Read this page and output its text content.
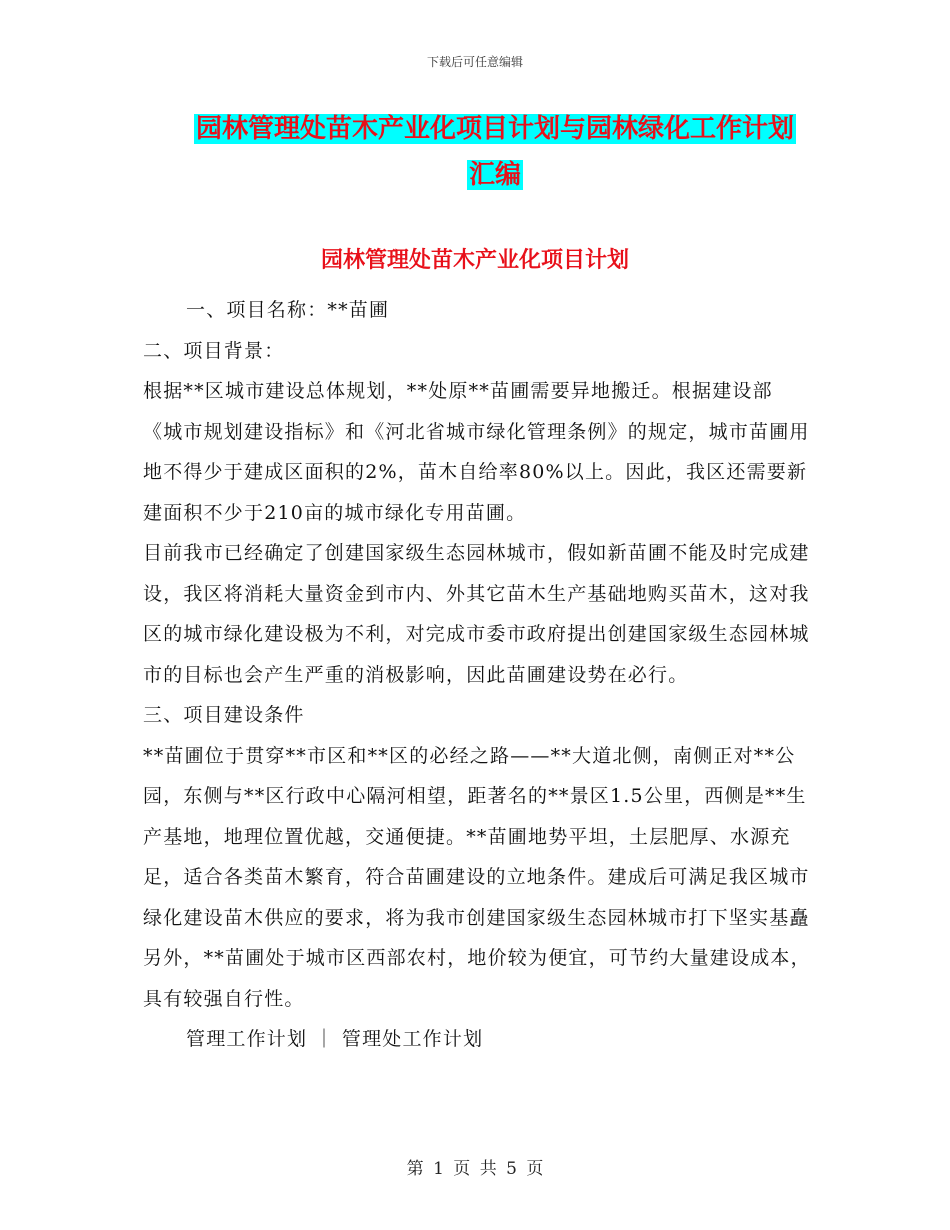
下载后可任意编辑
园林管理处苗木产业化项目计划与园林绿化工作计划
汇编
园林管理处苗木产业化项目计划

一、项目名称：**苗圃

二、项目背景：

根据**区城市建设总体规划，**处原**苗圃需要异地搬迁。根据建设部《城市规划建设指标》和《河北省城市绿化管理条例》的规定，城市苗圃用地不得少于建成区面积的2%，苗木自给率80%以上。因此，我区还需要新建面积不少于210亩的城市绿化专用苗圃。

目前我市已经确定了创建国家级生态园林城市，假如新苗圃不能及时完成建设，我区将消耗大量资金到市内、外其它苗木生产基础地购买苗木，这对我区的城市绿化建设极为不利，对完成市委市政府提出创建国家级生态园林城市的目标也会产生严重的消极影响，因此苗圃建设势在必行。

三、项目建设条件

**苗圃位于贯穿**市区和**区的必经之路——**大道北侧，南侧正对**公园，东侧与**区行政中心隔河相望，距著名的**景区1.5公里，西侧是**生产基地，地理位置优越，交通便捷。**苗圃地势平坦，土层肥厚、水源充足，适合各类苗木繁育，符合苗圃建设的立地条件。建成后可满足我区城市绿化建设苗木供应的要求，将为我市创建国家级生态园林城市打下坚实基矗另外，**苗圃处于城市区西部农村，地价较为便宜，可节约大量建设成本，具有较强自行性。

管理工作计划 ｜ 管理处工作计划

第 1 页 共 5 页
